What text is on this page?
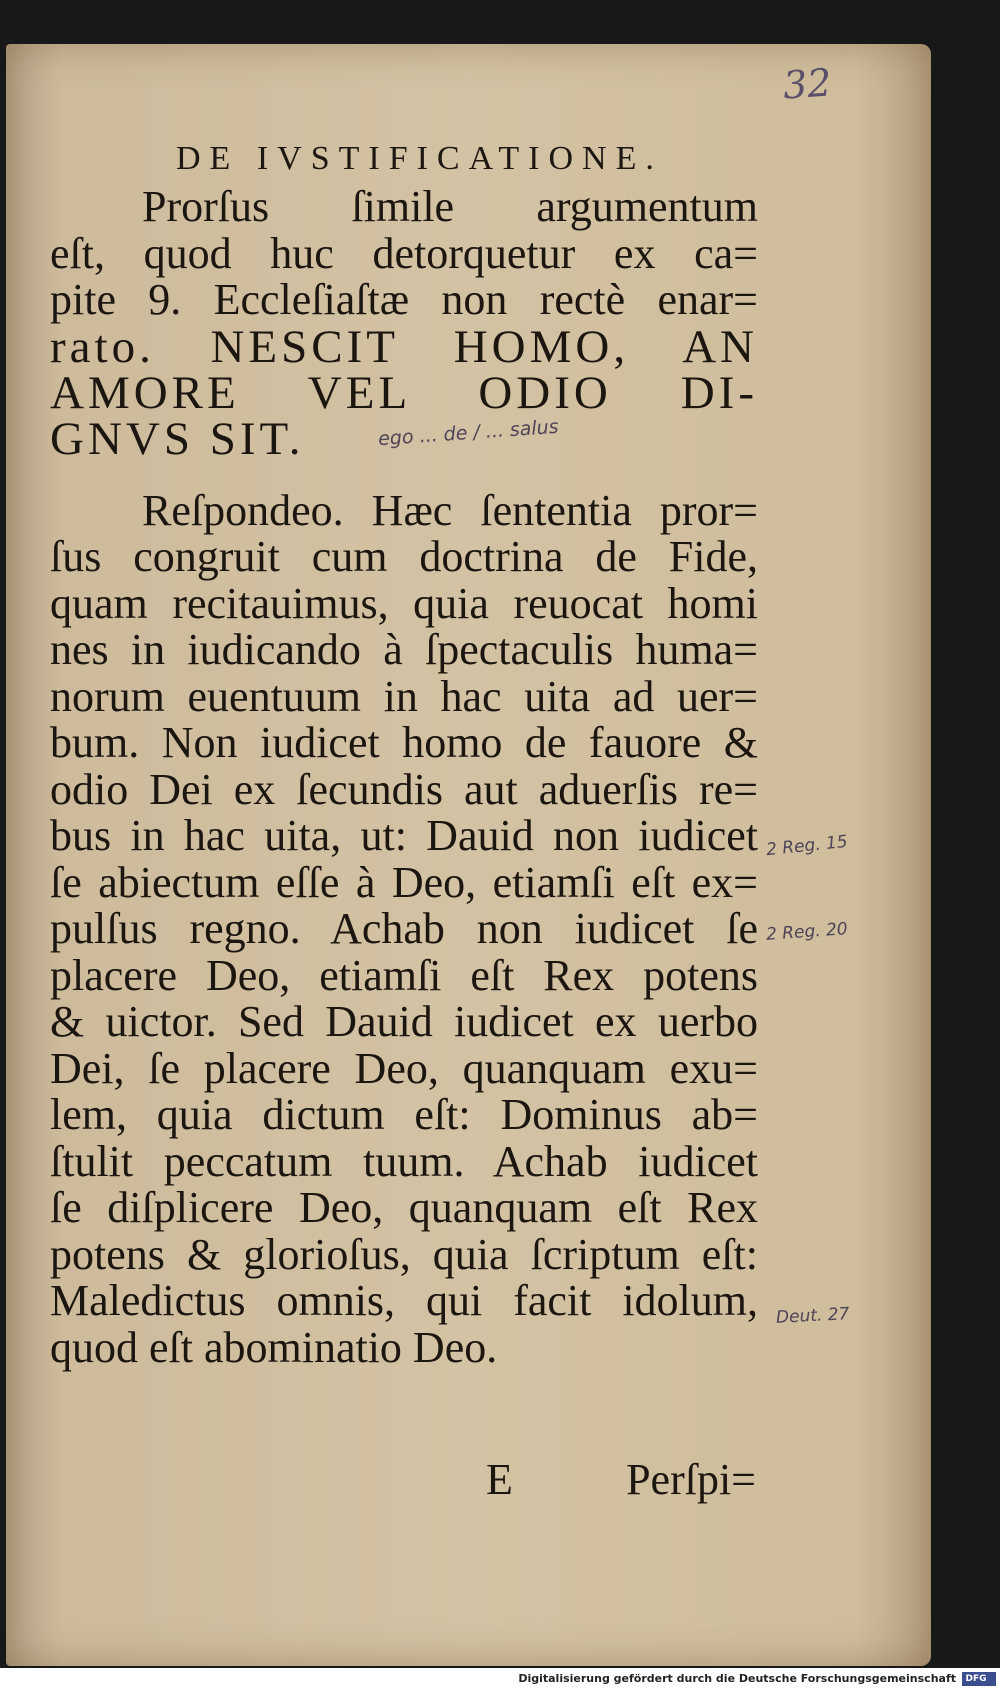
32
DE IVSTIFICATIONE.
Prorſus ſimile argumentum
eſt, quod huc detorquetur ex ca=
pite 9. Eccleſiaſtæ non rectè enar=
rato. NESCIT HOMO, AN
AMORE VEL ODIO DI-
GNVS SIT.
Reſpondeo. Hæc ſententia pror=
ſus congruit cum doctrina de Fide,
quam recitauimus, quia reuocat homi
nes in iudicando à ſpectaculis huma=
norum euentuum in hac uita ad uer=
bum. Non iudicet homo de fauore &
odio Dei ex ſecundis aut aduerſis re=
bus in hac uita, ut: Dauid non iudicet
ſe abiectum eſſe à Deo, etiamſi eſt ex=
pulſus regno. Achab non iudicet ſe
placere Deo, etiamſi eſt Rex potens
& uictor. Sed Dauid iudicet ex uerbo
Dei, ſe placere Deo, quanquam exu=
lem, quia dictum eſt: Dominus ab=
ſtulit peccatum tuum. Achab iudicet
ſe diſplicere Deo, quanquam eſt Rex
potens & glorioſus, quia ſcriptum eſt:
Maledictus omnis, qui facit idolum,
quod eſt abominatio Deo.
E	Perſpi=
ego ... de / ... salus
2 Reg. 15
2 Reg. 20
Deut. 27
Digitalisierung gefördert durch die Deutsche Forschungsgemeinschaft DFG
